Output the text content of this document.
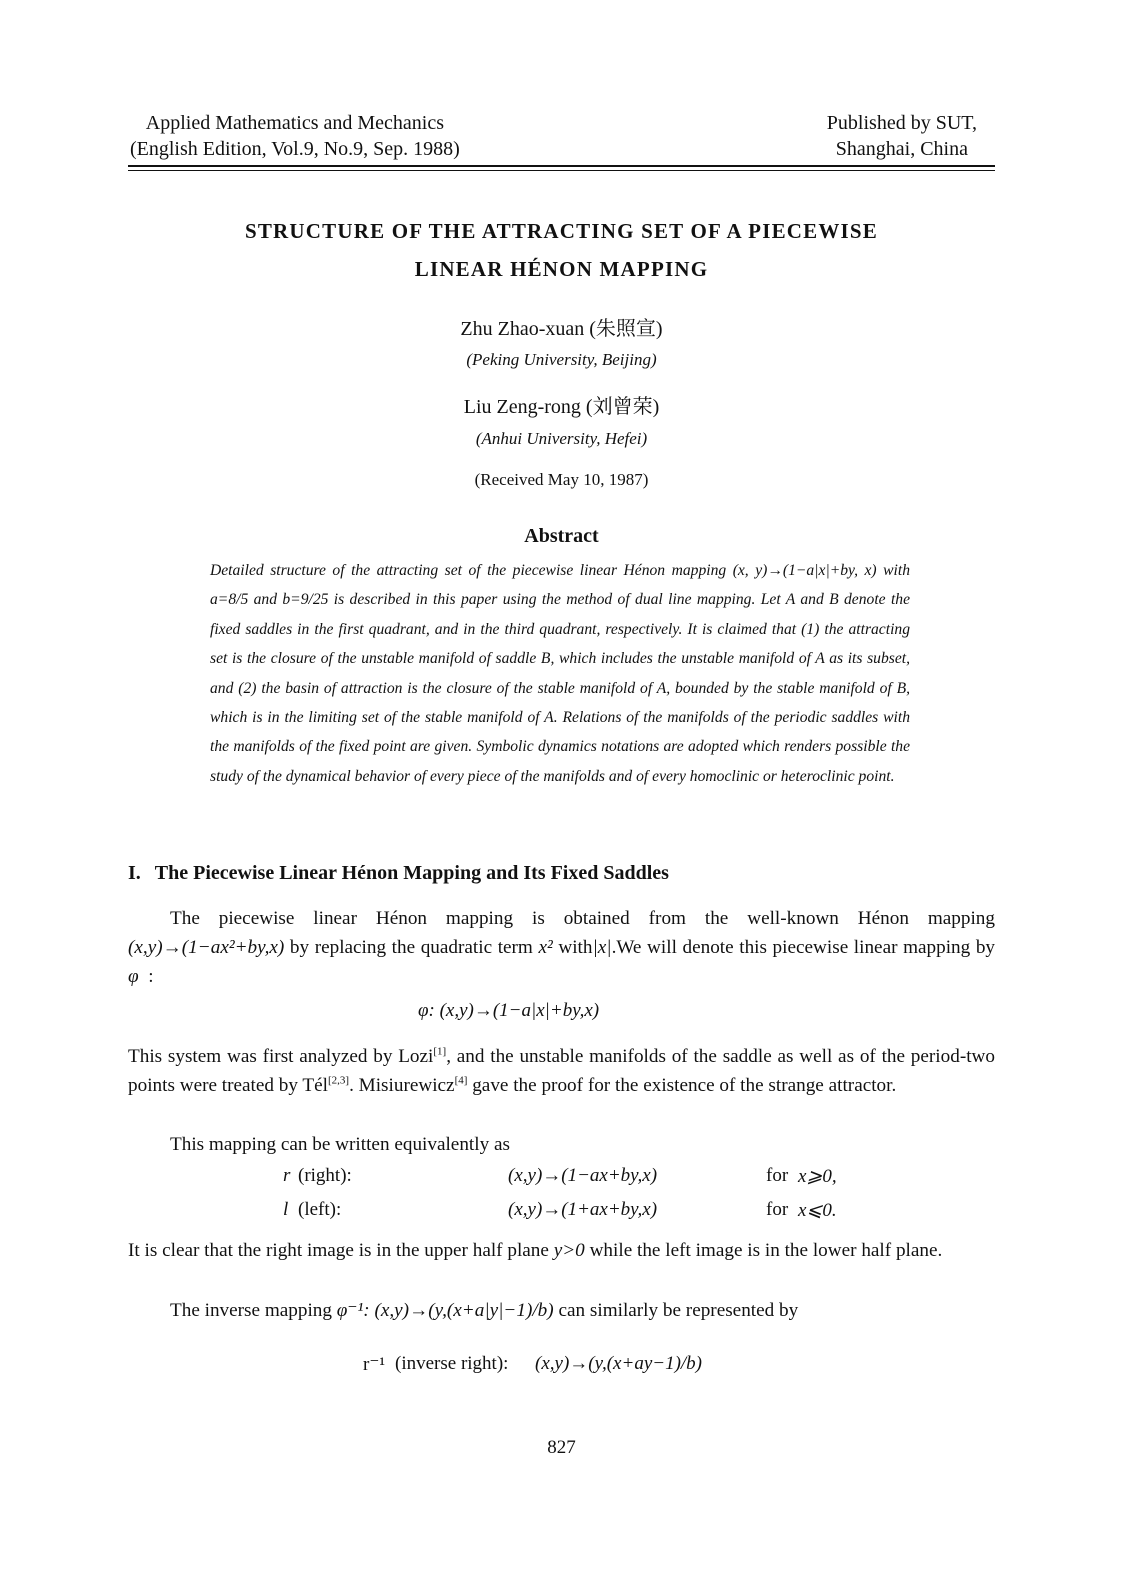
Applied Mathematics and Mechanics
(English Edition, Vol.9, No.9, Sep. 1988)
Published by SUT,
Shanghai, China
STRUCTURE OF THE ATTRACTING SET OF A PIECEWISE
LINEAR HÉNON MAPPING
Zhu Zhao-xuan (朱照宣)
(Peking University, Beijing)
Liu Zeng-rong (刘曾荣)
(Anhui University, Hefei)
(Received May 10, 1987)
Abstract
Detailed structure of the attracting set of the piecewise linear Hénon mapping (x, y)→(1−a|x|+by, x) with a=8/5 and b=9/25 is described in this paper using the method of dual line mapping. Let A and B denote the fixed saddles in the first quadrant, and in the third quadrant, respectively. It is claimed that (1) the attracting set is the closure of the unstable manifold of saddle B, which includes the unstable manifold of A as its subset, and (2) the basin of attraction is the closure of the stable manifold of A, bounded by the stable manifold of B, which is in the limiting set of the stable manifold of A. Relations of the manifolds of the periodic saddles with the manifolds of the fixed point are given. Symbolic dynamics notations are adopted which renders possible the study of the dynamical behavior of every piece of the manifolds and of every homoclinic or heteroclinic point.
I. The Piecewise Linear Hénon Mapping and Its Fixed Saddles

The piecewise linear Hénon mapping is obtained from the well-known Hénon mapping (x,y)→(1−ax²+by,x) by replacing the quadratic term x² with|x|.We will denote this piecewise linear mapping by φ :

φ: (x,y)→(1−a|x|+by,x)

This system was first analyzed by Lozi[1], and the unstable manifolds of the saddle as well as of the period-two points were treated by Tél[2,3]. Misiurewicz[4] gave the proof for the existence of the strange attractor.

This mapping can be written equivalently as

r (right):	(x,y)→(1−ax+by,x)	for x⩾0,
l (left):	(x,y)→(1+ax+by,x)	for x⩽0.

It is clear that the right image is in the upper half plane y>0 while the left image is in the lower half plane.

The inverse mapping φ⁻¹: (x,y)→(y,(x+a|y|−1)/b) can similarly be represented by

r⁻¹ (inverse right): (x,y)→(y,(x+ay−1)/b)
827
